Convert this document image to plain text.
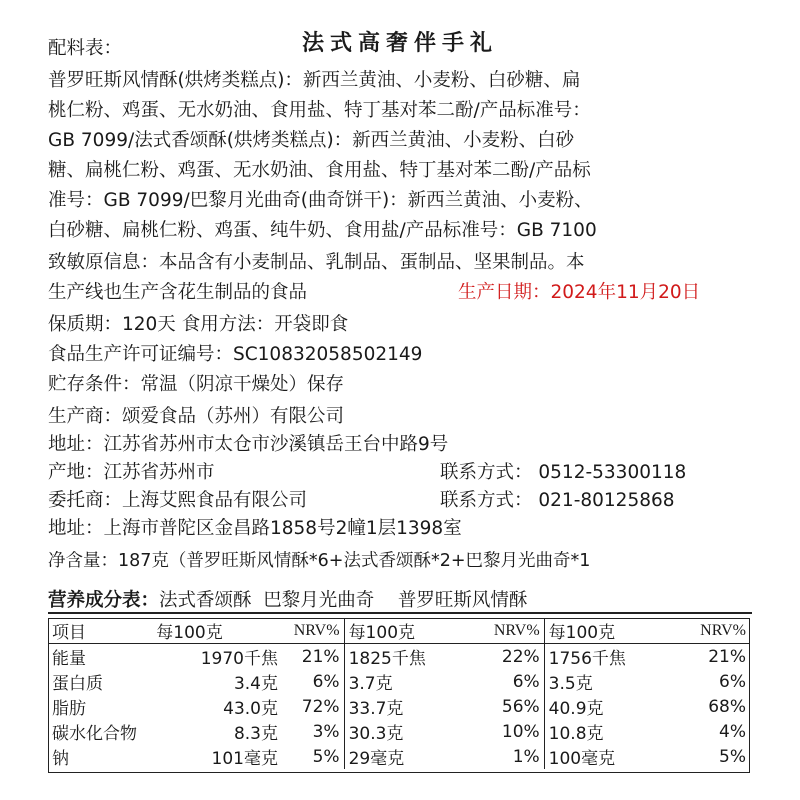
法式高奢伴手礼
配料表：
普罗旺斯风情酥(烘烤类糕点)：新西兰黄油、小麦粉、白砂糖、扁
桃仁粉、鸡蛋、无水奶油、食用盐、特丁基对苯二酚/产品标准号：
GB 7099/法式香颂酥(烘烤类糕点)：新西兰黄油、小麦粉、白砂
糖、扁桃仁粉、鸡蛋、无水奶油、食用盐、特丁基对苯二酚/产品标
准号：GB 7099/巴黎月光曲奇(曲奇饼干)：新西兰黄油、小麦粉、
白砂糖、扁桃仁粉、鸡蛋、纯牛奶、食用盐/产品标准号：GB 7100
致敏原信息：本品含有小麦制品、乳制品、蛋制品、坚果制品。本
生产线也生产含花生制品的食品	生产日期：2024年11月20日
保质期：120天 食用方法：开袋即食
食品生产许可证编号：SC10832058502149
贮存条件：常温（阴凉干燥处）保存
生产商：颂爱食品（苏州）有限公司
地址：江苏省苏州市太仓市沙溪镇岳王台中路9号
产地：江苏省苏州市	联系方式： 0512-53300118
委托商：上海艾熙食品有限公司	联系方式： 021-80125868
地址：上海市普陀区金昌路1858号2幢1层1398室
净含量：187克（普罗旺斯风情酥*6+法式香颂酥*2+巴黎月光曲奇*1
营养成分表：法式香颂酥 巴黎月光曲奇 普罗旺斯风情酥
项目	每100克	NRV%	每100克	NRV%	每100克	NRV%
能量	1970千焦	21%	1825千焦	22%	1756千焦	21%
蛋白质	3.4克	6%	3.7克	6%	3.5克	6%
脂肪	43.0克	72%	33.7克	56%	40.9克	68%
碳水化合物	8.3克	3%	30.3克	10%	10.8克	4%
钠	101毫克	5%	29毫克	1%	100毫克	5%
